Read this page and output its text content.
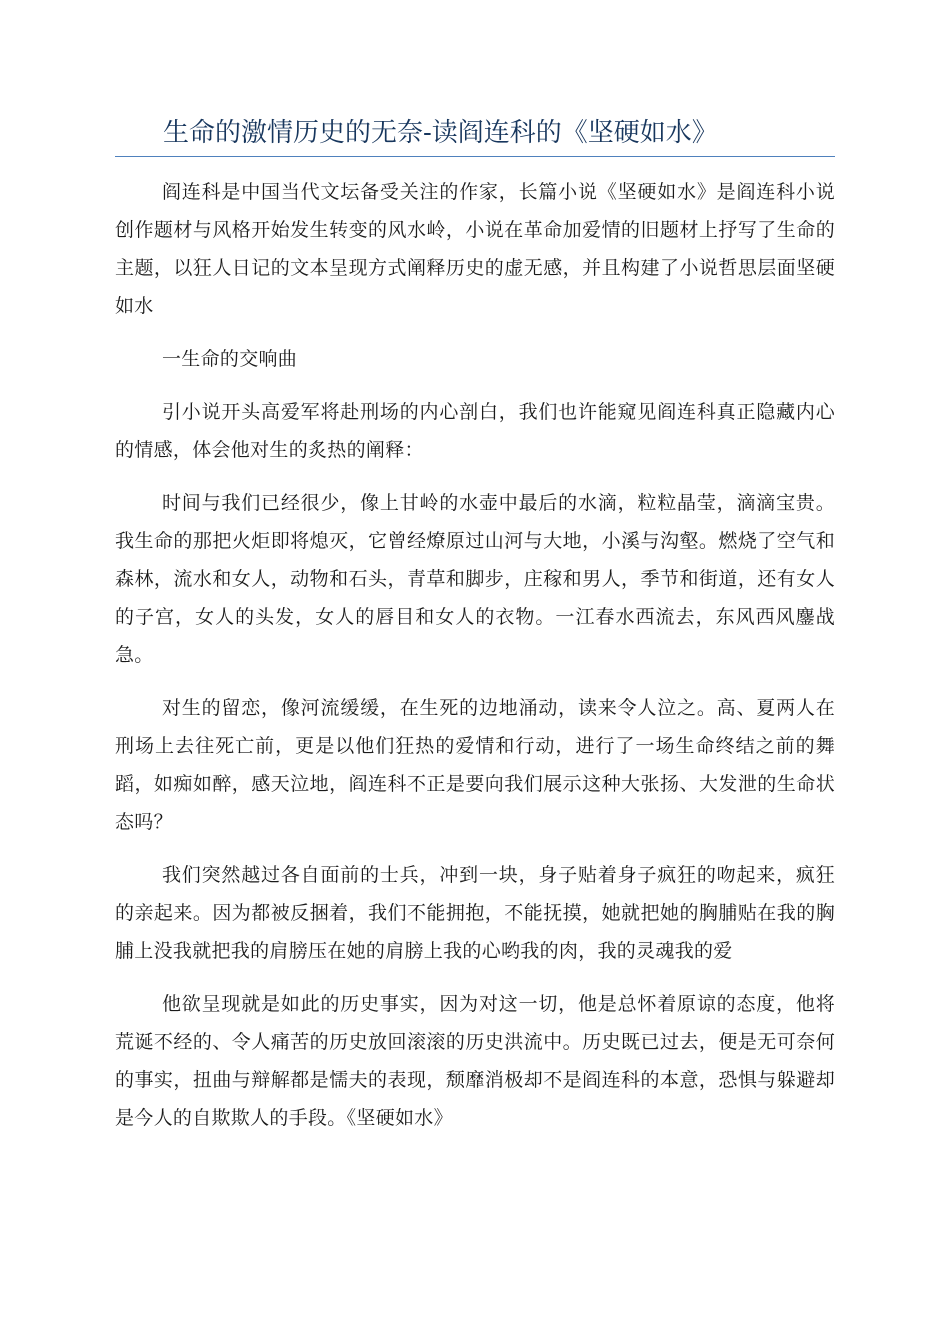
生命的激情历史的无奈-读阎连科的《坚硬如水》

阎连科是中国当代文坛备受关注的作家，长篇小说《坚硬如水》是阎连科小说创作题材与风格开始发生转变的风水岭，小说在革命加爱情的旧题材上抒写了生命的主题，以狂人日记的文本呈现方式阐释历史的虚无感，并且构建了小说哲思层面坚硬如水

一生命的交响曲

引小说开头高爱军将赴刑场的内心剖白，我们也许能窥见阎连科真正隐藏内心的情感，体会他对生的炙热的阐释：

时间与我们已经很少，像上甘岭的水壶中最后的水滴，粒粒晶莹，滴滴宝贵。我生命的那把火炬即将熄灭，它曾经燎原过山河与大地，小溪与沟壑。燃烧了空气和森林，流水和女人，动物和石头，青草和脚步，庄稼和男人，季节和街道，还有女人的子宫，女人的头发，女人的唇目和女人的衣物。一江春水西流去，东风西风鏖战急。

对生的留恋，像河流缓缓，在生死的边地涌动，读来令人泣之。高、夏两人在刑场上去往死亡前，更是以他们狂热的爱情和行动，进行了一场生命终结之前的舞蹈，如痴如醉，感天泣地，阎连科不正是要向我们展示这种大张扬、大发泄的生命状态吗？

我们突然越过各自面前的士兵，冲到一块，身子贴着身子疯狂的吻起来，疯狂的亲起来。因为都被反捆着，我们不能拥抱，不能抚摸，她就把她的胸脯贴在我的胸脯上没我就把我的肩膀压在她的肩膀上我的心哟我的肉，我的灵魂我的爱

他欲呈现就是如此的历史事实，因为对这一切，他是总怀着原谅的态度，他将荒诞不经的、令人痛苦的历史放回滚滚的历史洪流中。历史既已过去，便是无可奈何的事实，扭曲与辩解都是懦夫的表现，颓靡消极却不是阎连科的本意，恐惧与躲避却是今人的自欺欺人的手段。《坚硬如水》
